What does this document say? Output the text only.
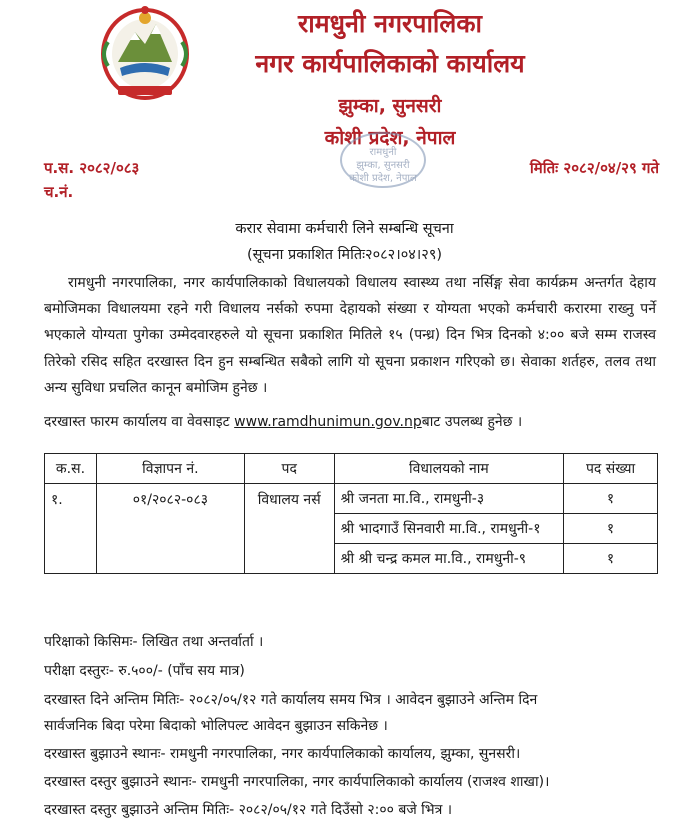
रामधुनी नगरपालिका
नगर कार्यपालिकाको कार्यालय
झुम्का, सुनसरी
कोशी प्रदेश, नेपाल
रामधुनी
झुम्का, सुनसरी
कोशी प्रदेश, नेपाल
प.स. २०८२/०८३
च.नं.
मितिः २०८२/०४/२९ गते
करार सेवामा कर्मचारी लिने सम्बन्धि सूचना
(सूचना प्रकाशित मितिः२०८२।०४।२९)
रामधुनी नगरपालिका, नगर कार्यपालिकाको विधालयको विधालय स्वास्थ्य तथा नर्सिङ्ग सेवा कार्यक्रम अन्तर्गत देहाय बमोजिमका विधालयमा रहने गरी विधालय नर्सको रुपमा देहायको संख्या र योग्यता भएको कर्मचारी करारमा राख्नु पर्ने भएकाले योग्यता पुगेका उम्मेदवारहरुले यो सूचना प्रकाशित मितिले १५ (पन्ध्र) दिन भित्र दिनको ४:०० बजे सम्म राजस्व तिरेको रसिद सहित दरखास्त दिन हुन सम्बन्धित सबैको लागि यो सूचना प्रकाशन गरिएको छ। सेवाका शर्तहरु, तलव तथा अन्य सुविधा प्रचलित कानून बमोजिम हुनेछ ।
दरखास्त फारम कार्यालय वा वेवसाइट www.ramdhunimun.gov.npबाट उपलब्ध हुनेछ ।
क.स.	विज्ञापन नं.	पद	विधालयको नाम	पद संख्या
१.	०१/२०८२-०८३	विधालय नर्स	श्री जनता मा.वि., रामधुनी-३	१
			श्री भादगाउँ सिनवारी मा.वि., रामधुनी-१	१
			श्री श्री चन्द्र कमल मा.वि., रामधुनी-९	१
परिक्षाको किसिमः- लिखित तथा अन्तर्वार्ता ।
परीक्षा दस्तुरः- रु.५००/- (पाँच सय मात्र)
दरखास्त दिने अन्तिम मितिः- २०८२/०५/१२ गते कार्यालय समय भित्र । आवेदन बुझाउने अन्तिम दिन
सार्वजनिक बिदा परेमा बिदाको भोलिपल्ट आवेदन बुझाउन सकिनेछ ।
दरखास्त बुझाउने स्थानः- रामधुनी नगरपालिका, नगर कार्यपालिकाको कार्यालय, झुम्का, सुनसरी।
दरखास्त दस्तुर बुझाउने स्थानः- रामधुनी नगरपालिका, नगर कार्यपालिकाको कार्यालय (राजश्व शाखा)।
दरखास्त दस्तुर बुझाउने अन्तिम मितिः- २०८२/०५/१२ गते दिउँसो २:०० बजे भित्र ।
